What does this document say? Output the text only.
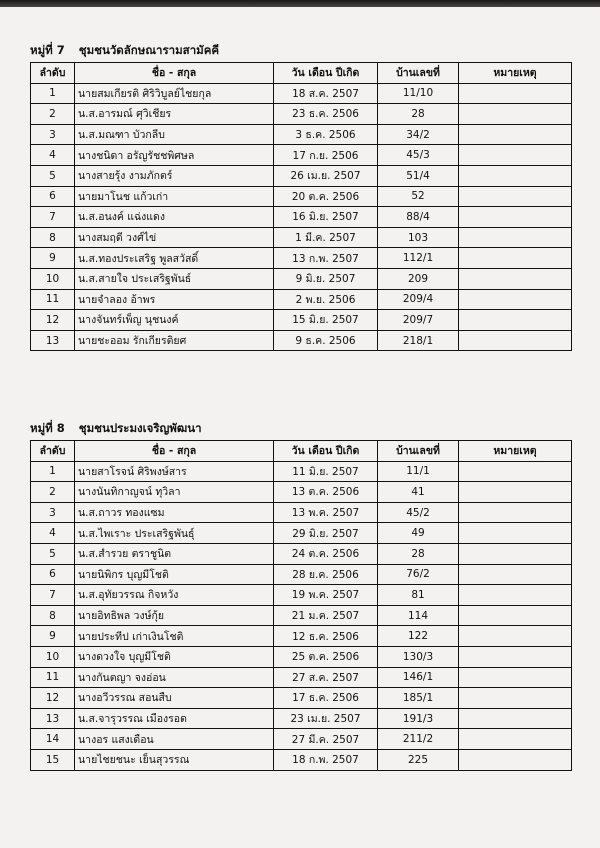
หมู่ที่ 7 ชุมชนวัดลักษณารามสามัคคี
ลำดับ	ชื่อ - สกุล	วัน เดือน ปีเกิด	บ้านเลขที่	หมายเหตุ
1	นายสมเกียรติ ศิริวิบูลย์ไชยกุล	18 ส.ค. 2507	11/10	
2	น.ส.อารมณ์ ศุวิเชียร	23 ธ.ค. 2506	28	
3	น.ส.มณฑา บัวกลีบ	3 ธ.ค. 2506	34/2	
4	นางชนิดา อรัญรัชชพิศษล	17 ก.ย. 2506	45/3	
5	นางสายรุ้ง งามภักตร์	26 เม.ย. 2507	51/4	
6	นายมาโนช แก้วเก่า	20 ต.ค. 2506	52	
7	น.ส.อนงค์ แฉ่งแดง	16 มิ.ย. 2507	88/4	
8	นางสมฤดี วงศ์ไข่	1 มี.ค. 2507	103	
9	น.ส.ทองประเสริฐ พูลสวัสดิ์	13 ก.พ. 2507	112/1	
10	น.ส.สายใจ ประเสริฐพันธ์	9 มิ.ย. 2507	209	
11	นายจำลอง อ้าพร	2 พ.ย. 2506	209/4	
12	นางจันทร์เพ็ญ นุชนงค์	15 มิ.ย. 2507	209/7	
13	นายชะออม รักเกียรติยศ	9 ธ.ค. 2506	218/1	
หมู่ที่ 8 ชุมชนประมงเจริญพัฒนา
ลำดับ	ชื่อ - สกุล	วัน เดือน ปีเกิด	บ้านเลขที่	หมายเหตุ
1	นายสาโรจน์ ศิริพงษ์สาร	11 มิ.ย. 2507	11/1	
2	นางนันทิกาญจน์ ทุวิลา	13 ต.ค. 2506	41	
3	น.ส.ถาวร ทองแซม	13 พ.ค. 2507	45/2	
4	น.ส.ไพเราะ ประเสริฐพันธุ์	29 มิ.ย. 2507	49	
5	น.ส.สำรวย ตราชูนิต	24 ต.ค. 2506	28	
6	นายนิพิกร บุญมีโชติ	28 ย.ค. 2506	76/2	
7	น.ส.อุทัยวรรณ กิจหวัง	19 พ.ค. 2507	81	
8	นายอิทธิพล วงษ์กุ้ย	21 ม.ค. 2507	114	
9	นายประทีป เก่าเงินโชติ	12 ธ.ค. 2506	122	
10	นางดวงใจ บุญมีโชติ	25 ต.ค. 2506	130/3	
11	นางกันตญา จงอ่อน	27 ส.ค. 2507	146/1	
12	นางอวีวรรณ สอนสืบ	17 ธ.ค. 2506	185/1	
13	น.ส.จารุวรรณ เมืองรอด	23 เม.ย. 2507	191/3	
14	นางอร แสงเดือน	27 มี.ค. 2507	211/2	
15	นายไชยชนะ เย็นสุวรรณ	18 ก.พ. 2507	225	
